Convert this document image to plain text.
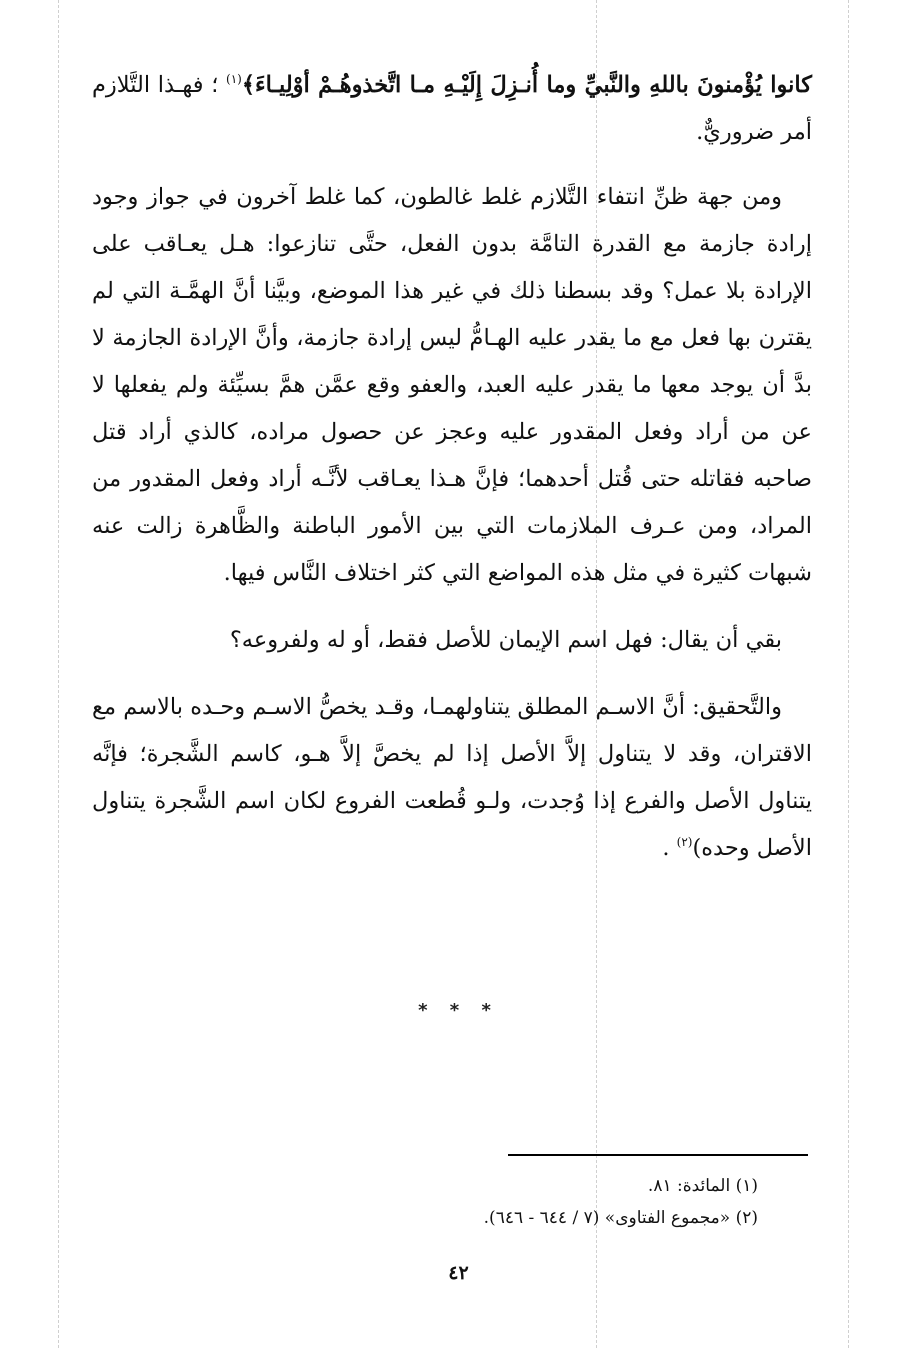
كانوا يُؤْمنونَ باللهِ والنَّبيِّ وما أُنـزِلَ إِلَيْـهِ مـا اتَّخذوهُـمْ أوْلِيـاءَ﴾$^{(١)}$ ؛ فهـذا التَّلازم أمر ضروريٌّ.

ومن جهة ظنِّ انتفاء التَّلازم غلط غالطون، كما غلط آخرون في جواز وجود إرادة جازمة مع القدرة التامَّة بدون الفعل، حتَّى تنازعوا: هـل يعـاقب على الإرادة بلا عمل؟ وقد بسطنا ذلك في غير هذا الموضع، وبيَّنا أنَّ الهمَّـة التي لم يقترن بها فعل مع ما يقدر عليه الهـامُّ ليس إرادة جازمة، وأنَّ الإرادة الجازمة لا بدَّ أن يوجد معها ما يقدر عليه العبد، والعفو وقع عمَّن همَّ بسيِّئة ولم يفعلها لا عن من أراد وفعل المقدور عليه وعجز عن حصول مراده، كالذي أراد قتل صاحبه فقاتله حتى قُتل أحدهما؛ فإنَّ هـذا يعـاقب لأنَّـه أراد وفعل المقدور من المراد، ومن عـرف الملازمات التي بين الأمور الباطنة والظَّاهرة زالت عنه شبهات كثيرة في مثل هذه المواضع التي كثر اختلاف النَّاس فيها.

بقي أن يقال: فهل اسم الإيمان للأصل فقط، أو له ولفروعه؟

والتَّحقيق: أنَّ الاسـم المطلق يتناولهمـا، وقـد يخصُّ الاسـم وحـده بالاسم مع الاقتران، وقد لا يتناول إلاَّ الأصل إذا لم يخصَّ إلاَّ هـو، كاسم الشَّجرة؛ فإنَّه يتناول الأصل والفرع إذا وُجدت، ولـو قُطعت الفروع لكان اسم الشَّجرة يتناول الأصل وحده)$^{(٢)}$ .

* * *
(١) المائدة: ٨١.
(٢) «مجموع الفتاوى» (٧ / ٦٤٤ - ٦٤٦).
٤٢
